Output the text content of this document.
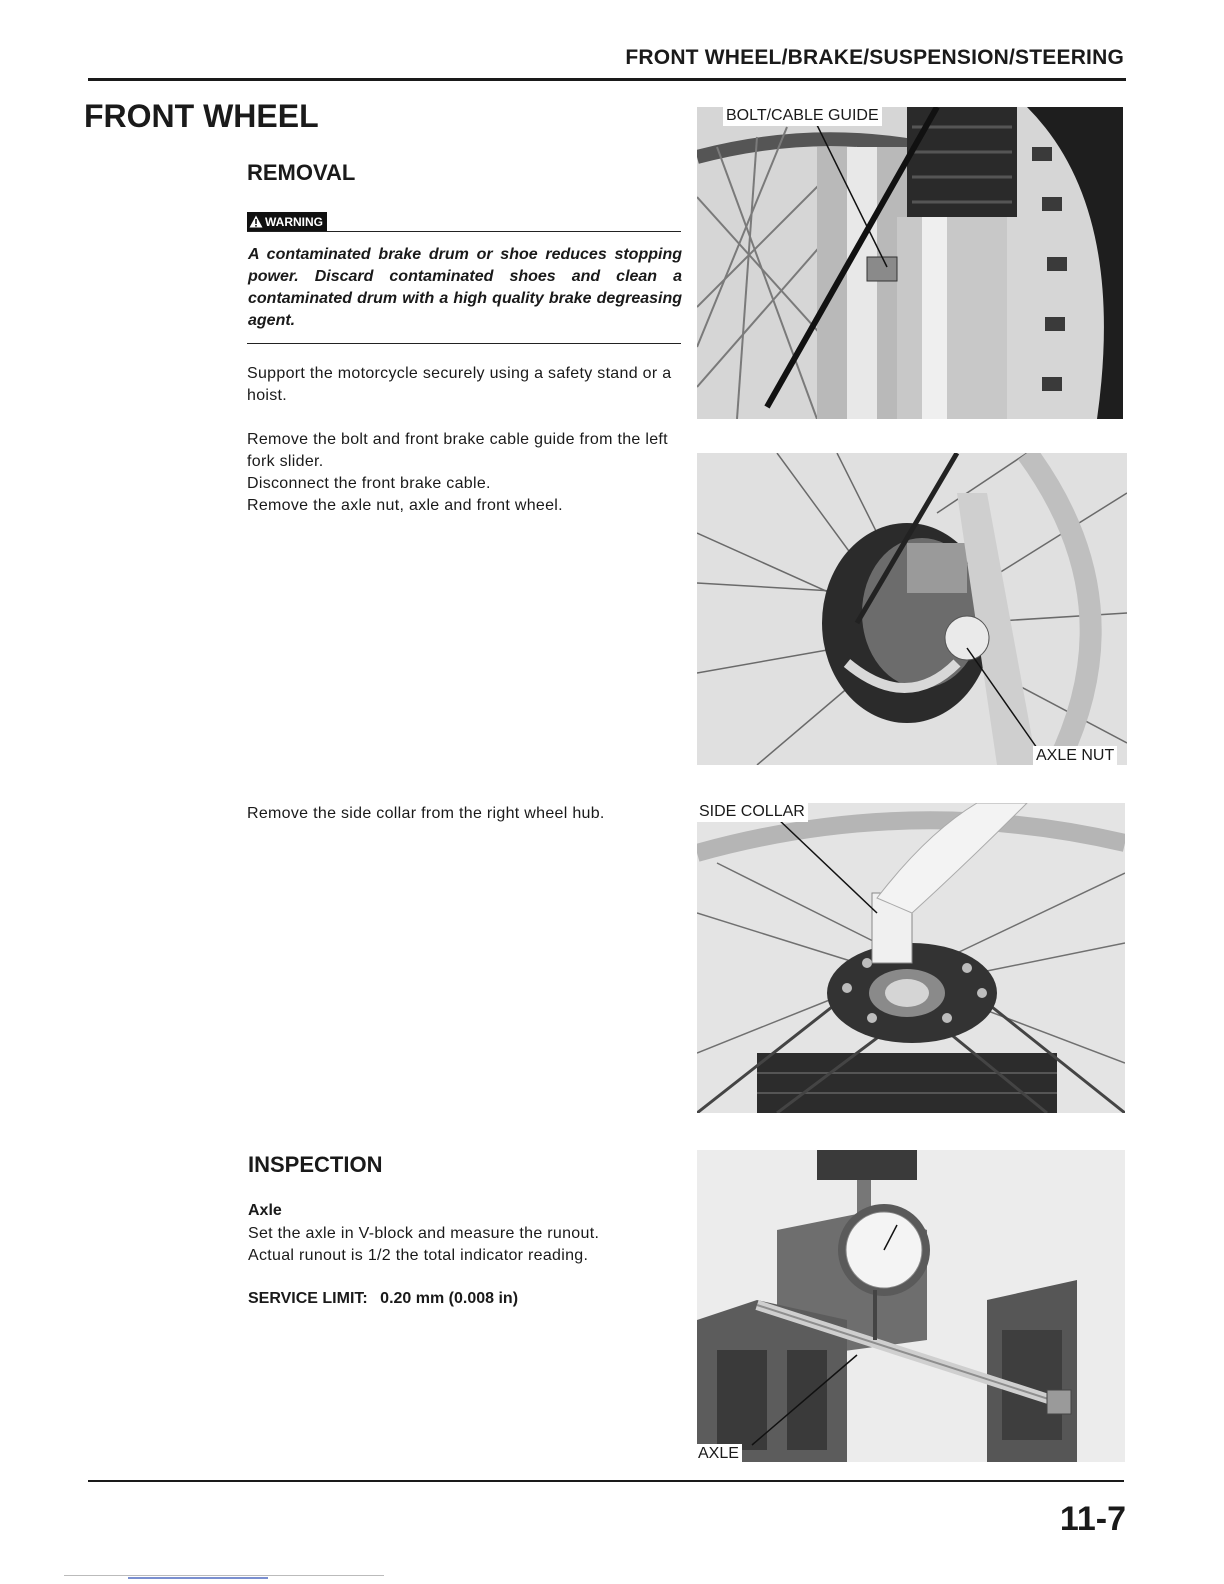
FRONT WHEEL/BRAKE/SUSPENSION/STEERING
FRONT WHEEL
REMOVAL
WARNING
A contaminated brake drum or shoe reduces stopping power. Discard contaminated shoes and clean a contaminated drum with a high quality brake degreasing agent.
Support the motorcycle securely using a safety stand or a hoist.
Remove the bolt and front brake cable guide from the left fork slider.
Disconnect the front brake cable.
Remove the axle nut, axle and front wheel.
Remove the side collar from the right wheel hub.
INSPECTION
Axle
Set the axle in V-block and measure the runout.
Actual runout is 1/2 the total indicator reading.
SERVICE LIMIT: 0.20 mm (0.008 in)
BOLT/CABLE GUIDE
AXLE NUT
SIDE COLLAR
AXLE
11-7
